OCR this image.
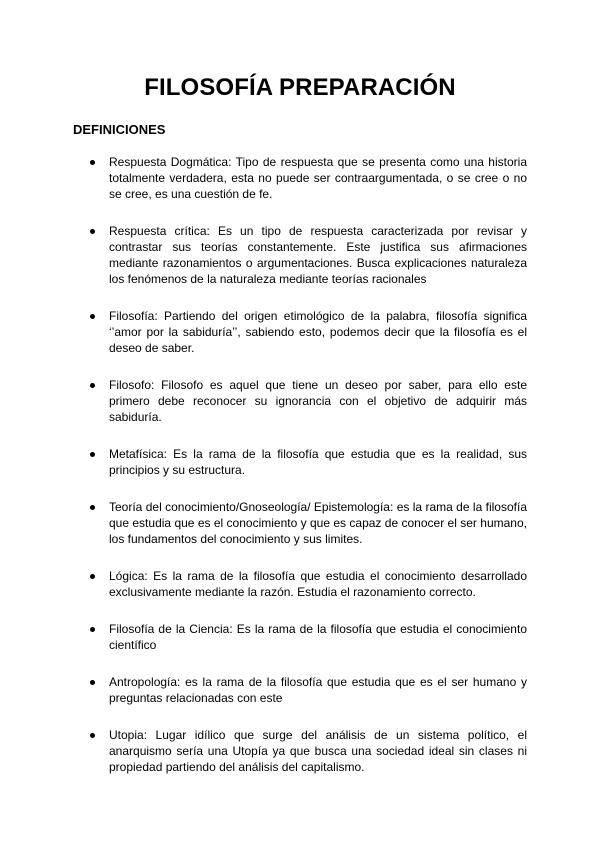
FILOSOFÍA PREPARACIÓN
DEFINICIONES

Respuesta Dogmática: Tipo de respuesta que se presenta como una historia totalmente verdadera, esta no puede ser contraargumentada, o se cree o no se cree, es una cuestión de fe.

Respuesta crítica: Es un tipo de respuesta caracterizada por revisar y contrastar sus teorías constantemente. Este justifica sus afirmaciones mediante razonamientos o argumentaciones. Busca explicaciones naturaleza los fenómenos de la naturaleza mediante teorías racionales

Filosofía: Partiendo del origen etimológico de la palabra, filosofía significa ‘’amor por la sabiduría’’, sabiendo esto, podemos decir que la filosofía es el deseo de saber.

Filosofo: Filosofo es aquel que tiene un deseo por saber, para ello este primero debe reconocer su ignorancia con el objetivo de adquirir más sabiduría.

Metafísica: Es la rama de la filosofía que estudia que es la realidad, sus principios y su estructura.

Teoría del conocimiento/Gnoseología/ Epistemología: es la rama de la filosofía que estudia que es el conocimiento y que es capaz de conocer el ser humano, los fundamentos del conocimiento y sus limites.

Lógica: Es la rama de la filosofía que estudia el conocimiento desarrollado exclusivamente mediante la razón. Estudia el razonamiento correcto.

Filosofía de la Ciencia: Es la rama de la filosofía que estudia el conocimiento científico

Antropología: es la rama de la filosofía que estudia que es el ser humano y preguntas relacionadas con este

Utopia: Lugar idílico que surge del análisis de un sistema político, el anarquismo sería una Utopía ya que busca una sociedad ideal sin clases ni propiedad partiendo del análisis del capitalismo.
